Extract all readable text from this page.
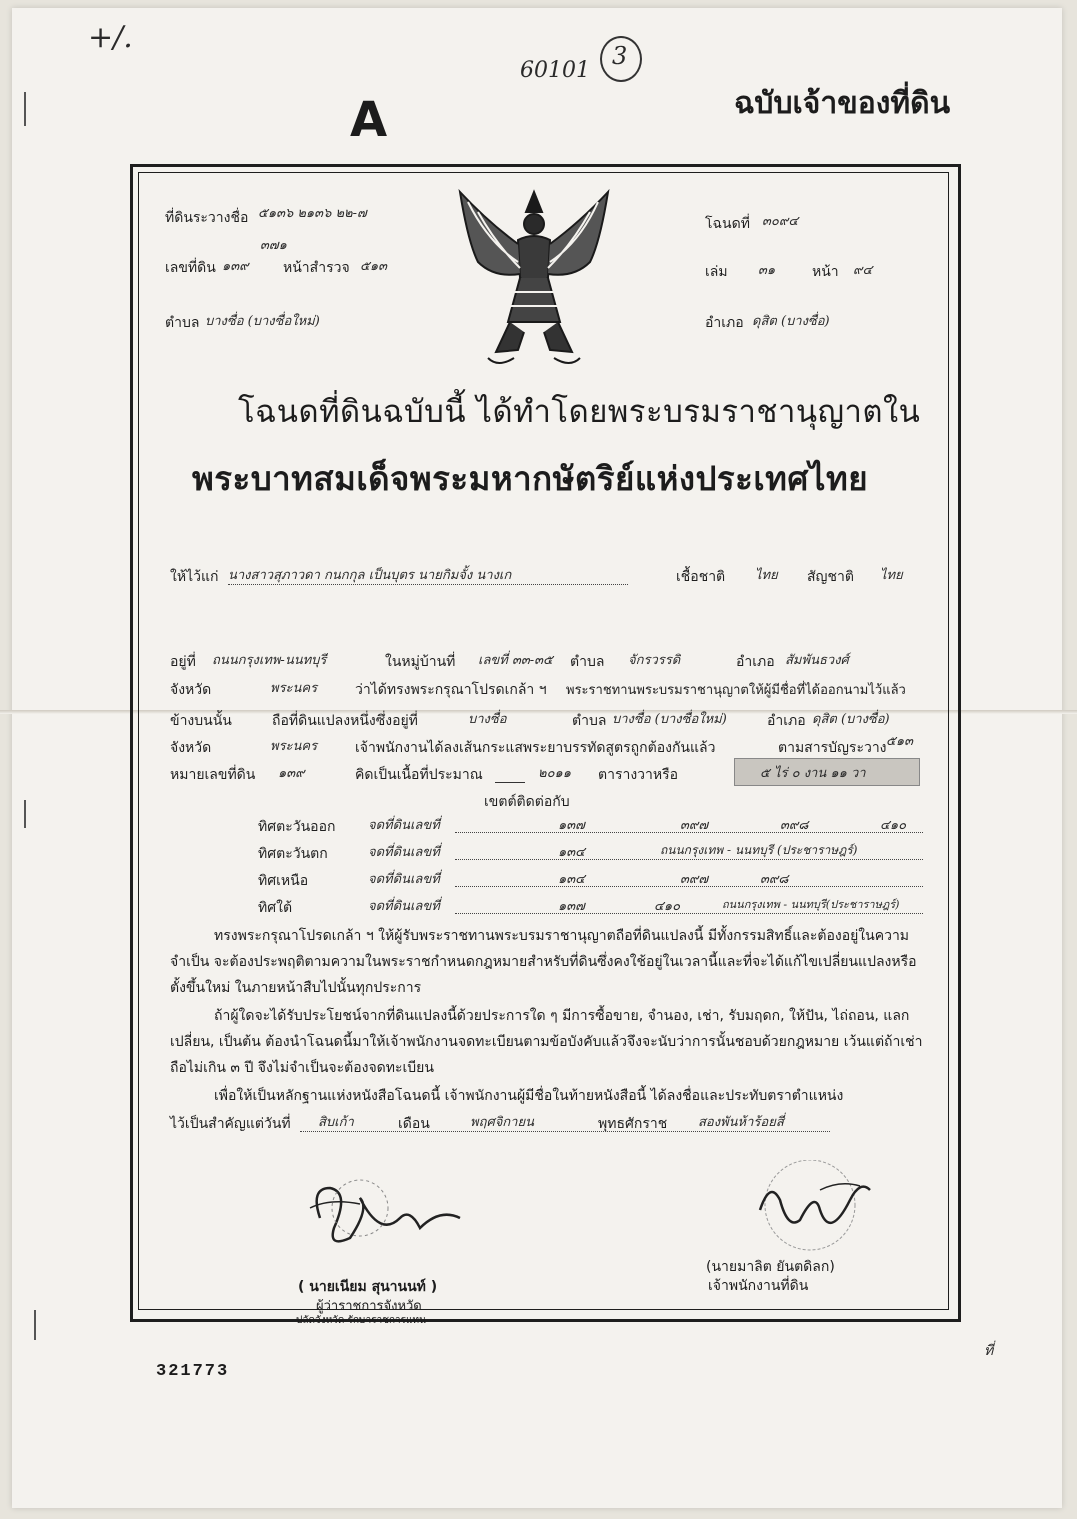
+/.
60101
3
ฉบับเจ้าของที่ดิน
A
ที่ดินระวางชื่อ ๕๑๓๖ ๒๑๓๖ ๒๒-๗
๓๗๑
เลขที่ดิน ๑๓๙ หน้าสำรวจ ๕๑๓
ตำบล บางซื่อ (บางซื่อใหม่)
โฉนดที่ ๓๐๙๔
เล่ม ๓๑	หน้า ๙๔
อำเภอ ดุสิต (บางซื่อ)
โฉนดที่ดินฉบับนี้ ได้ทำโดยพระบรมราชานุญาตใน
พระบาทสมเด็จพระมหากษัตริย์แห่งประเทศไทย
ให้ไว้แก่ นางสาวสุภาวดา กนกกุล เป็นบุตร นายกิมจั้ง นางเก	เชื้อชาติ ไทย สัญชาติ ไทย
อยู่ที่ ถนนกรุงเทพ-นนทบุรี	ในหมู่บ้านที่ เลขที่ ๓๓-๓๕ ตำบล จักรวรรดิ	อำเภอ สัมพันธวงศ์
จังหวัด	พระนคร	ว่าได้ทรงพระกรุณาโปรดเกล้า ฯ พระราชทานพระบรมราชานุญาตให้ผู้มีชื่อที่ได้ออกนามไว้แล้ว
ข้างบนนั้น	ถือที่ดินแปลงหนึ่งซึ่งอยู่ที่	บางซื่อ	ตำบล บางซื่อ (บางซื่อใหม่)	อำเภอ ดุสิต (บางซื่อ)
จังหวัด	พระนคร	เจ้าพนักงานได้ลงเส้นกระแสพระยาบรรทัดสูตรถูกต้องกันแล้ว	ตามสารบัญระวาง ๕๑๓
หมายเลขที่ดิน ๑๓๙	คิดเป็นเนื้อที่ประมาณ	๒๐๑๑ ตารางวาหรือ	๕ ไร่ ๐ งาน ๑๑ วา
เขตต์ติดต่อกับ
ทิศตะวันออก	จดที่ดินเลขที่	๑๓๗	๓๙๗	๓๙๘	๔๑๐
ทิศตะวันตก	จดที่ดินเลขที่	๑๓๔	ถนนกรุงเทพ - นนทบุรี (ประชาราษฎร์)
ทิศเหนือ	จดที่ดินเลขที่	๑๓๔	๓๙๗	๓๙๘
ทิศใต้	จดที่ดินเลขที่	๑๓๗	๔๑๐	ถนนกรุงเทพ - นนทบุรี(ประชาราษฎร์)
ทรงพระกรุณาโปรดเกล้า ฯ ให้ผู้รับพระราชทานพระบรมราชานุญาตถือที่ดินแปลงนี้ มีทั้งกรรมสิทธิ์และต้องอยู่ในความจำเป็น จะต้องประพฤติตามความในพระราชกำหนดกฎหมายสำหรับที่ดินซึ่งคงใช้อยู่ในเวลานี้และที่จะได้แก้ไขเปลี่ยนแปลงหรือตั้งขึ้นใหม่ ในภายหน้าสืบไปนั้นทุกประการ
ถ้าผู้ใดจะได้รับประโยชน์จากที่ดินแปลงนี้ด้วยประการใด ๆ มีการซื้อขาย, จำนอง, เช่า, รับมฤดก, ให้ปัน, ไถ่ถอน, แลกเปลี่ยน, เป็นต้น ต้องนำโฉนดนี้มาให้เจ้าพนักงานจดทะเบียนตามข้อบังคับแล้วจึงจะนับว่าการนั้นชอบด้วยกฎหมาย เว้นแต่ถ้าเช่าถือไม่เกิน ๓ ปี จึงไม่จำเป็นจะต้องจดทะเบียน
เพื่อให้เป็นหลักฐานแห่งหนังสือโฉนดนี้ เจ้าพนักงานผู้มีชื่อในท้ายหนังสือนี้ ได้ลงชื่อและประทับตราตำแหน่ง
ไว้เป็นสำคัญแต่วันที่ สิบเก้า	เดือน	พฤศจิกายน	พุทธศักราช สองพันห้าร้อยสี่
( นายเนียม สุนานนท์ )
ผู้ว่าราชการจังหวัด
ปลัดจังหวัด รักษาราชการแทน
(นายมาลิต ยันตดิลก)
เจ้าพนักงานที่ดิน
321773
ที่
